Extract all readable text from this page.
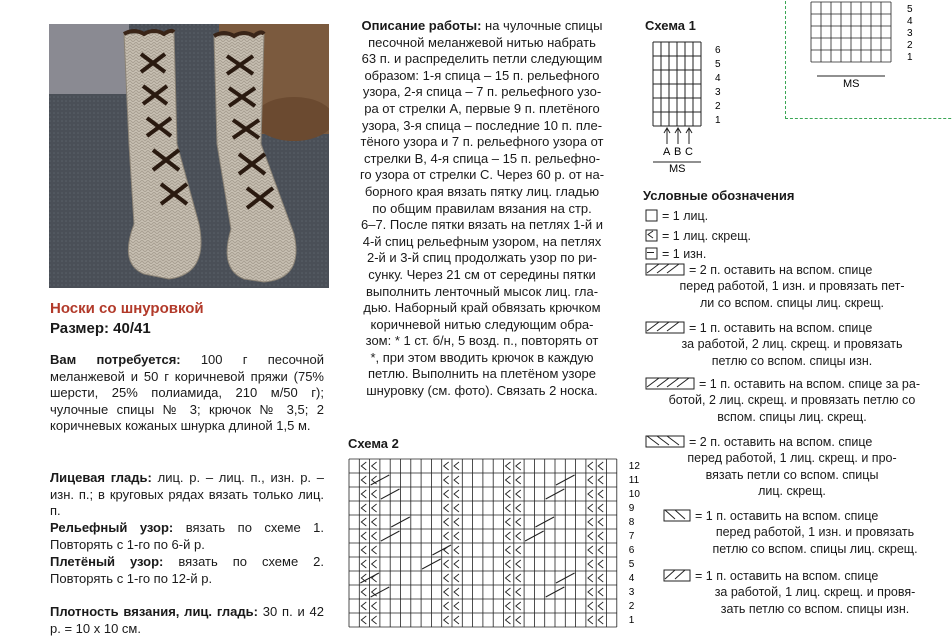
Носки со шнуровкой
Размер: 40/41
Вам потребуется: 100 г песочной меланжевой и 50 г коричневой пряжи (75% шерсти, 25% полиамида, 210 м/50 г); чулочные спицы № 3; крючок № 3,5; 2 коричневых кожаных шнурка длиной 1,5 м.
Лицевая гладь: лиц. р. – лиц. п., изн. р. – изн. п.; в круговых рядах вязать только лиц. п.
Рельефный узор: вязать по схеме 1. Повторять с 1-го по 6-й р.
Плетёный узор: вязать по схеме 2. Повторять с 1-го по 12-й р.
Плотность вязания, лиц. гладь: 30 п. и 42 р. = 10 x 10 см.
Описание работы: на чулочные спицы
песочной меланжевой нитью набрать
63 п. и распределить петли следующим
образом: 1-я спица – 15 п. рельефного
узора, 2-я спица – 7 п. рельефного узо-
ра от стрелки А, первые 9 п. плетёного
узора, 3-я спица – последние 10 п. пле-
тёного узора и 7 п. рельефного узора от
стрелки В, 4-я спица – 15 п. рельефно-
го узора от стрелки С. Через 60 р. от на-
борного края вязать пятку лиц. гладью
по общим правилам вязания на стр.
6–7. После пятки вязать на петлях 1-й и
4-й спиц рельефным узором, на петлях
2-й и 3-й спиц продолжать узор по ри-
сунку. Через 21 см от середины пятки
выполнить ленточный мысок лиц. гла-
дью. Наборный край обвязать крючком
коричневой нитью следующим обра-
зом: * 1 ст. б/н, 5 возд. п., повторять от
*, при этом вводить крючок в каждую
петлю. Выполнить на плетёном узоре
шнуровку (см. фото). Связать 2 носка.
Схема 2
12
11
10
9
8
7
6
5
4
3
2
1
Схема 1
6
5
4
3
2
1
A B C
MS
5
4
3
2
1
MS
Условные обозначения
= 1 лиц.
= 1 лиц. скрещ.
= 1 изн.
= 2 п. оставить на вспом. спице
перед работой, 1 изн. и провязать пет-
ли со вспом. спицы лиц. скрещ.
= 1 п. оставить на вспом. спице
за работой, 2 лиц. скрещ. и провязать
петлю со вспом. спицы изн.
= 1 п. оставить на вспом. спице за ра-
ботой, 2 лиц. скрещ. и провязать петлю со
вспом. спицы лиц. скрещ.
= 2 п. оставить на вспом. спице
перед работой, 1 лиц. скрещ. и про-
вязать петли со вспом. спицы
лиц. скрещ.
= 1 п. оставить на вспом. спице
перед работой, 1 изн. и провязать
петлю со вспом. спицы лиц. скрещ.
= 1 п. оставить на вспом. спице
за работой, 1 лиц. скрещ. и провя-
зать петлю со вспом. спицы изн.
